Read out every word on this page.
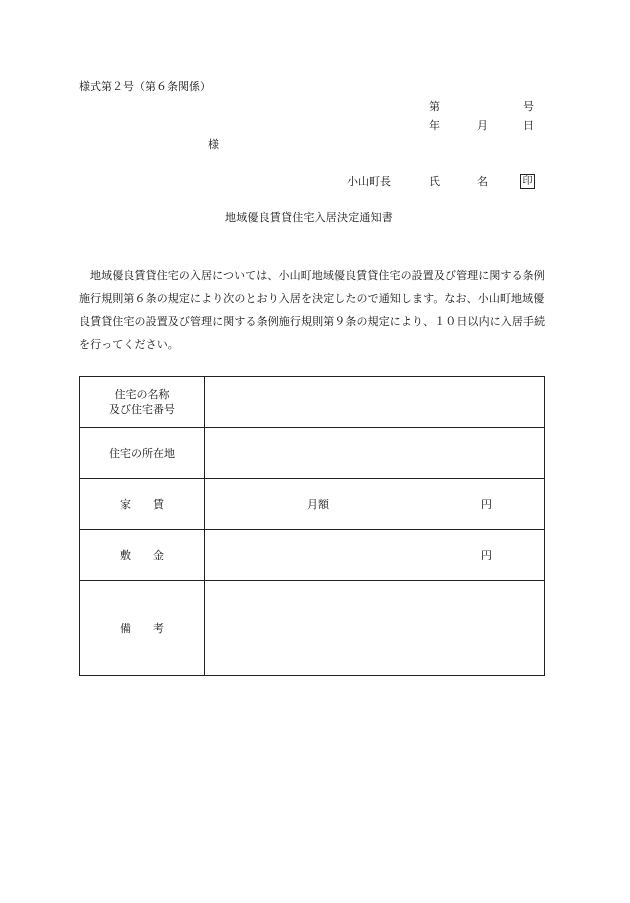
様式第２号（第６条関係）
第	号
年	月	日
様
小山町長	氏	名	印
地域優良賃貸住宅入居決定通知書

地域優良賃貸住宅の入居については、小山町地域優良賃貸住宅の設置及び管理に関する条例施行規則第６条の規定により次のとおり入居を決定したので通知します。なお、小山町地域優良賃貸住宅の設置及び管理に関する条例施行規則第９条の規定により、１０日以内に入居手続を行ってください。

住宅の名称
及び住宅番号	

住宅の所在地	
家 賃	月額 円

敷 金	円

備 考	
